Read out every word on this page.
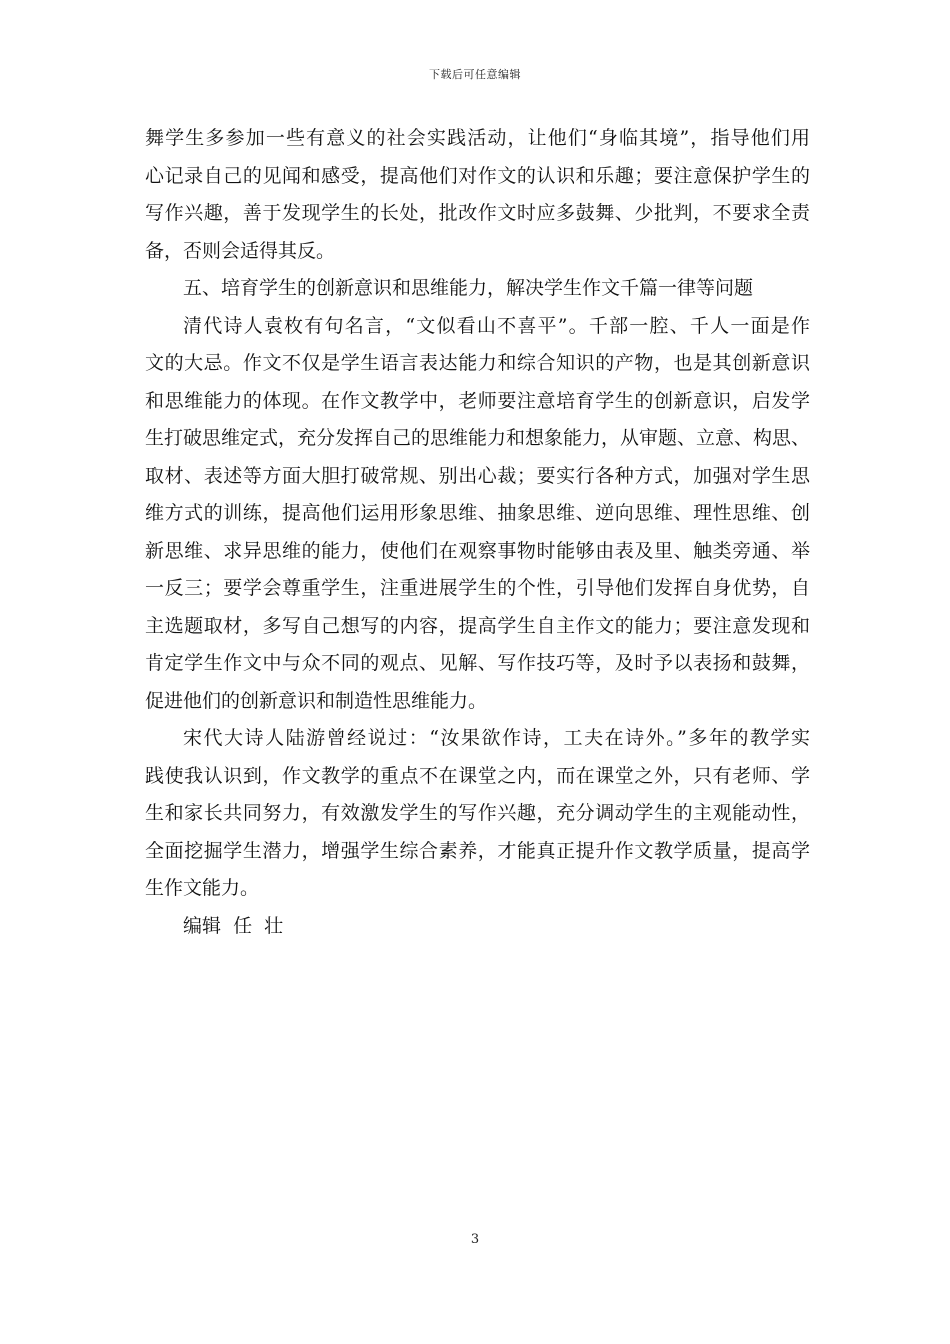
下载后可任意编辑
舞学生多参加一些有意义的社会实践活动，让他们“身临其境”，指导他们用
心记录自己的见闻和感受，提高他们对作文的认识和乐趣；要注意保护学生的
写作兴趣，善于发现学生的长处，批改作文时应多鼓舞、少批判，不要求全责
备，否则会适得其反。
五、培育学生的创新意识和思维能力，解决学生作文千篇一律等问题
清代诗人袁枚有句名言，“文似看山不喜平”。千部一腔、千人一面是作
文的大忌。作文不仅是学生语言表达能力和综合知识的产物，也是其创新意识
和思维能力的体现。在作文教学中，老师要注意培育学生的创新意识，启发学
生打破思维定式，充分发挥自己的思维能力和想象能力，从审题、立意、构思、
取材、表述等方面大胆打破常规、别出心裁；要实行各种方式，加强对学生思
维方式的训练，提高他们运用形象思维、抽象思维、逆向思维、理性思维、创
新思维、求异思维的能力，使他们在观察事物时能够由表及里、触类旁通、举
一反三；要学会尊重学生，注重进展学生的个性，引导他们发挥自身优势，自
主选题取材，多写自己想写的内容，提高学生自主作文的能力；要注意发现和
肯定学生作文中与众不同的观点、见解、写作技巧等，及时予以表扬和鼓舞，
促进他们的创新意识和制造性思维能力。
宋代大诗人陆游曾经说过：“汝果欲作诗，工夫在诗外。”多年的教学实
践使我认识到，作文教学的重点不在课堂之内，而在课堂之外，只有老师、学
生和家长共同努力，有效激发学生的写作兴趣，充分调动学生的主观能动性，
全面挖掘学生潜力，增强学生综合素养，才能真正提升作文教学质量，提高学
生作文能力。
编辑  任  壮
3
